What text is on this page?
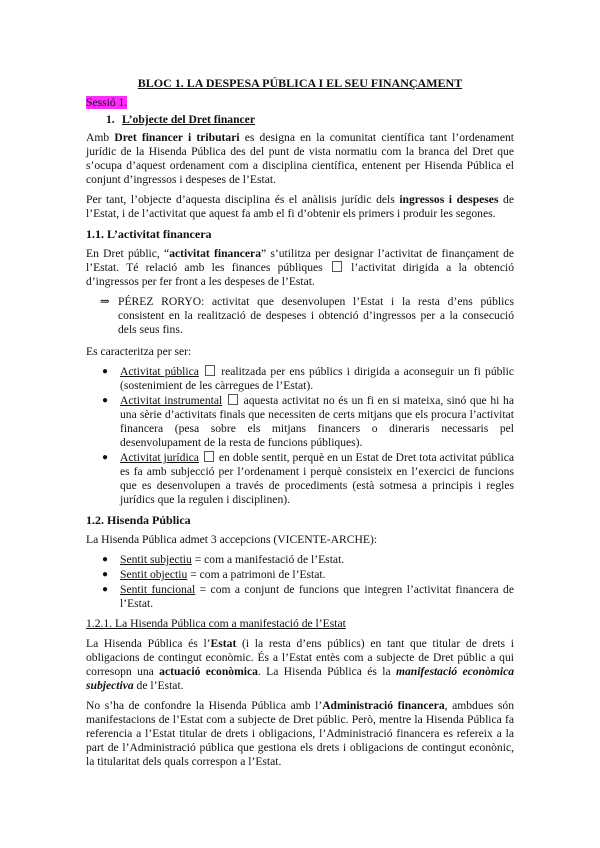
BLOC 1. LA DESPESA PÚBLICA I EL SEU FINANÇAMENT
Sessió 1.
1. L’objecte del Dret financer

Amb Dret financer i tributari es designa en la comunitat científica tant l’ordenament jurídic de la Hisenda Pública des del punt de vista normatiu com la branca del Dret que s’ocupa d’aquest ordenament com a disciplina científica, entenent per Hisenda Pública el conjunt d’ingressos i despeses de l’Estat.

Per tant, l’objecte d’aquesta disciplina és el anàlisis jurídic dels ingressos i despeses de l’Estat, i de l’activitat que aquest fa amb el fi d’obtenir els primers i produir les segones.

1.1. L’activitat financera

En Dret públic, “activitat financera” s’utilitza per designar l’activitat de finançament de l’Estat. Té relació amb les finances públiques  l’activitat dirigida a la obtenció d’ingressos per fer front a les despeses de l’Estat.

⇒ PÉREZ RORYO: activitat que desenvolupen l’Estat i la resta d’ens públics consistent en la realització de despeses i obtenció d’ingressos per a la consecució dels seus fins.

Es caracteritza per ser:

●	Activitat pública  realitzada per ens públics i dirigida a aconseguir un fi públic (sostenimient de les càrregues de l’Estat).
●	Activitat instrumental  aquesta activitat no és un fi en si mateixa, sinó que hi ha una sèrie d’activitats finals que necessiten de certs mitjans que els procura l’activitat financera (pesa sobre els mitjans financers o dineraris necessaris pel desenvolupament de la resta de funcions públiques).
●	Activitat jurídica  en doble sentit, perquè en un Estat de Dret tota activitat pública es fa amb subjecció per l’ordenament i perquè consisteix en l’exercici de funcions que es desenvolupen a través de procediments (està sotmesa a principis i regles jurídics que la regulen i disciplinen).
1.2. Hisenda Pública

La Hisenda Pública admet 3 accepcions (VICENTE-ARCHE):

●	Sentit subjectiu = com a manifestació de l’Estat.
●	Sentit objectiu = com a patrimoni de l’Estat.
●	Sentit funcional = com a conjunt de funcions que integren l’activitat financera de l’Estat.
1.2.1. La Hisenda Pública com a manifestació de l’Estat

La Hisenda Pública és l’Estat (i la resta d’ens públics) en tant que titular de drets i obligacions de contingut econòmic. És a l’Estat entès com a subjecte de Dret públic a qui corresopn una actuació econòmica. La Hisenda Pública és la manifestació econòmica subjectiva de l’Estat.

No s’ha de confondre la Hisenda Pública amb l’Administració financera, ambdues són manifestacions de l’Estat com a subjecte de Dret públic. Però, mentre la Hisenda Pública fa referencia a l’Estat titular de drets i obligacions, l’Administració financera es refereix a la part de l’Administració pública que gestiona els drets i obligacions de contingut econònic, la titularitat dels quals correspon a l’Estat.
